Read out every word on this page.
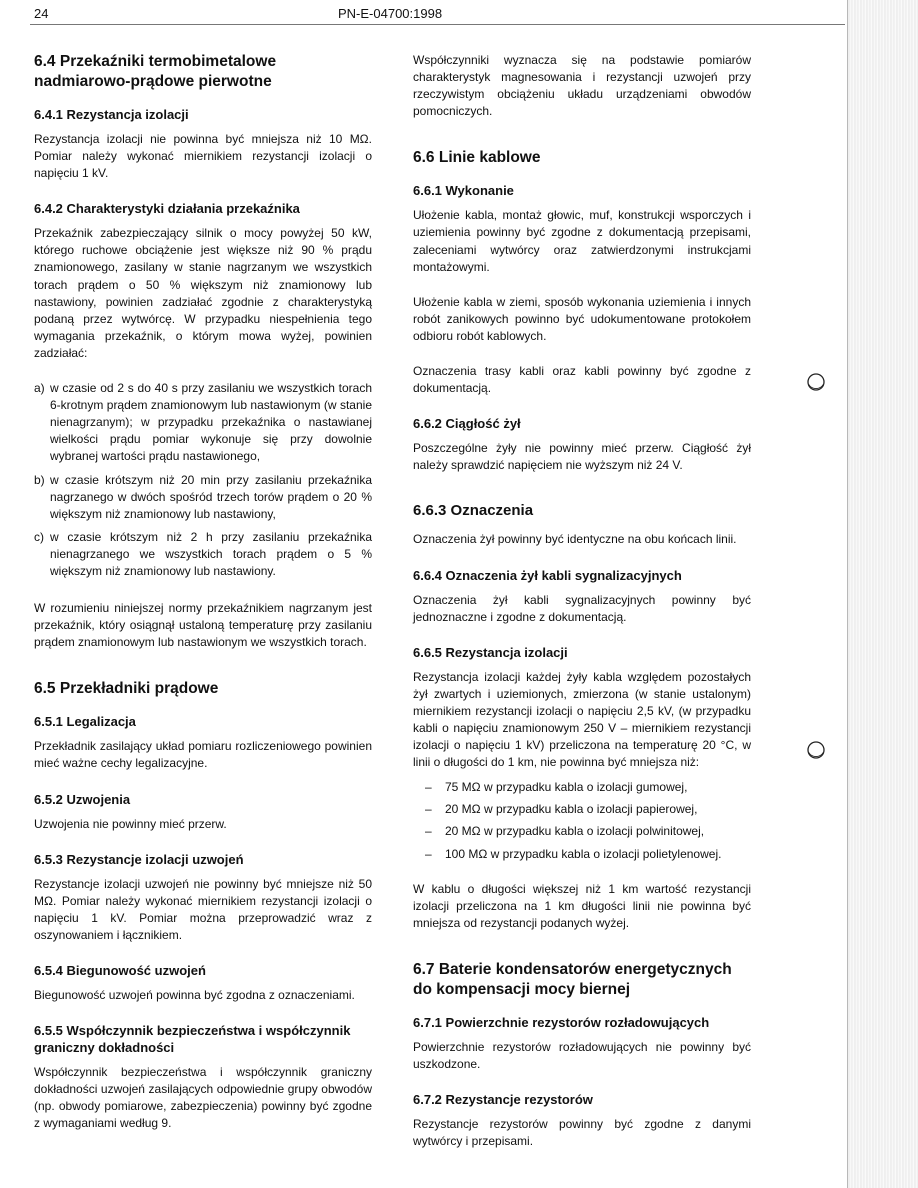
24	PN-E-04700:1998
6.4 Przekaźniki termobimetalowe nadmiarowo-prądowe pierwotne
6.4.1 Rezystancja izolacji

Rezystancja izolacji nie powinna być mniejsza niż 10 MΩ. Pomiar należy wykonać miernikiem rezystancji izolacji o napięciu 1 kV.

6.4.2 Charakterystyki działania przekaźnika

Przekaźnik zabezpieczający silnik o mocy powyżej 50 kW, którego ruchowe obciążenie jest większe niż 90 % prądu znamionowego, zasilany w stanie nagrzanym we wszystkich torach prądem o 50 % większym niż znamionowy lub nastawiony, powinien zadziałać zgodnie z charakterystyką podaną przez wytwórcę. W przypadku niespełnienia tego wymagania przekaźnik, o którym mowa wyżej, powinien zadziałać:

a) w czasie od 2 s do 40 s przy zasilaniu we wszystkich torach 6-krotnym prądem znamionowym lub nastawionym (w stanie nienagrzanym); w przypadku przekaźnika o nastawianej wielkości prądu pomiar wykonuje się przy dowolnie wybranej wartości prądu nastawionego,
b) w czasie krótszym niż 20 min przy zasilaniu przekaźnika nagrzanego w dwóch spośród trzech torów prądem o 20 % większym niż znamionowy lub nastawiony,
c) w czasie krótszym niż 2 h przy zasilaniu przekaźnika nienagrzanego we wszystkich torach prądem o 5 % większym niż znamionowy lub nastawiony.

W rozumieniu niniejszej normy przekaźnikiem nagrzanym jest przekaźnik, który osiągnął ustaloną temperaturę przy zasilaniu prądem znamionowym lub nastawionym we wszystkich torach.

6.5 Przekładniki prądowe
6.5.1 Legalizacja

Przekładnik zasilający układ pomiaru rozliczeniowego powinien mieć ważne cechy legalizacyjne.

6.5.2 Uzwojenia

Uzwojenia nie powinny mieć przerw.

6.5.3 Rezystancje izolacji uzwojeń

Rezystancje izolacji uzwojeń nie powinny być mniejsze niż 50 MΩ. Pomiar należy wykonać miernikiem rezystancji izolacji o napięciu 1 kV. Pomiar można przeprowadzić wraz z oszynowaniem i łącznikiem.

6.5.4 Biegunowość uzwojeń

Biegunowość uzwojeń powinna być zgodna z oznaczeniami.

6.5.5 Współczynnik bezpieczeństwa i współczynnik graniczny dokładności

Współczynnik bezpieczeństwa i współczynnik graniczny dokładności uzwojeń zasilających odpowiednie grupy obwodów (np. obwody pomiarowe, zabezpieczenia) powinny być zgodne z wymaganiami według 9.

Współczynniki wyznacza się na podstawie pomiarów charakterystyk magnesowania i rezystancji uzwojeń przy rzeczywistym obciążeniu układu urządzeniami obwodów pomocniczych.

6.6 Linie kablowe
6.6.1 Wykonanie

Ułożenie kabla, montaż głowic, muf, konstrukcji wsporczych i uziemienia powinny być zgodne z dokumentacją przepisami, zaleceniami wytwórcy oraz zatwierdzonymi instrukcjami montażowymi.

Ułożenie kabla w ziemi, sposób wykonania uziemienia i innych robót zanikowych powinno być udokumentowane protokołem odbioru robót kablowych.

Oznaczenia trasy kabli oraz kabli powinny być zgodne z dokumentacją.

6.6.2 Ciągłość żył

Poszczególne żyły nie powinny mieć przerw. Ciągłość żył należy sprawdzić napięciem nie wyższym niż 24 V.

6.6.3 Oznaczenia

Oznaczenia żył powinny być identyczne na obu końcach linii.

6.6.4 Oznaczenia żył kabli sygnalizacyjnych

Oznaczenia żył kabli sygnalizacyjnych powinny być jednoznaczne i zgodne z dokumentacją.

6.6.5 Rezystancja izolacji

Rezystancja izolacji każdej żyły kabla względem pozostałych żył zwartych i uziemionych, zmierzona (w stanie ustalonym) miernikiem rezystancji izolacji o napięciu 2,5 kV, (w przypadku kabli o napięciu znamionowym 250 V – miernikiem rezystancji izolacji o napięciu 1 kV) przeliczona na temperaturę 20 °C, w linii o długości do 1 km, nie powinna być mniejsza niż:

–	75 MΩ w przypadku kabla o izolacji gumowej,
–	20 MΩ w przypadku kabla o izolacji papierowej,
–	20 MΩ w przypadku kabla o izolacji polwinitowej,
–	100 MΩ w przypadku kabla o izolacji polietylenowej.

W kablu o długości większej niż 1 km wartość rezystancji izolacji przeliczona na 1 km długości linii nie powinna być mniejsza od rezystancji podanych wyżej.

6.7 Baterie kondensatorów energetycznych do kompensacji mocy biernej
6.7.1 Powierzchnie rezystorów rozładowujących

Powierzchnie rezystorów rozładowujących nie powinny być uszkodzone.

6.7.2 Rezystancje rezystorów

Rezystancje rezystorów powinny być zgodne z danymi wytwórcy i przepisami.
